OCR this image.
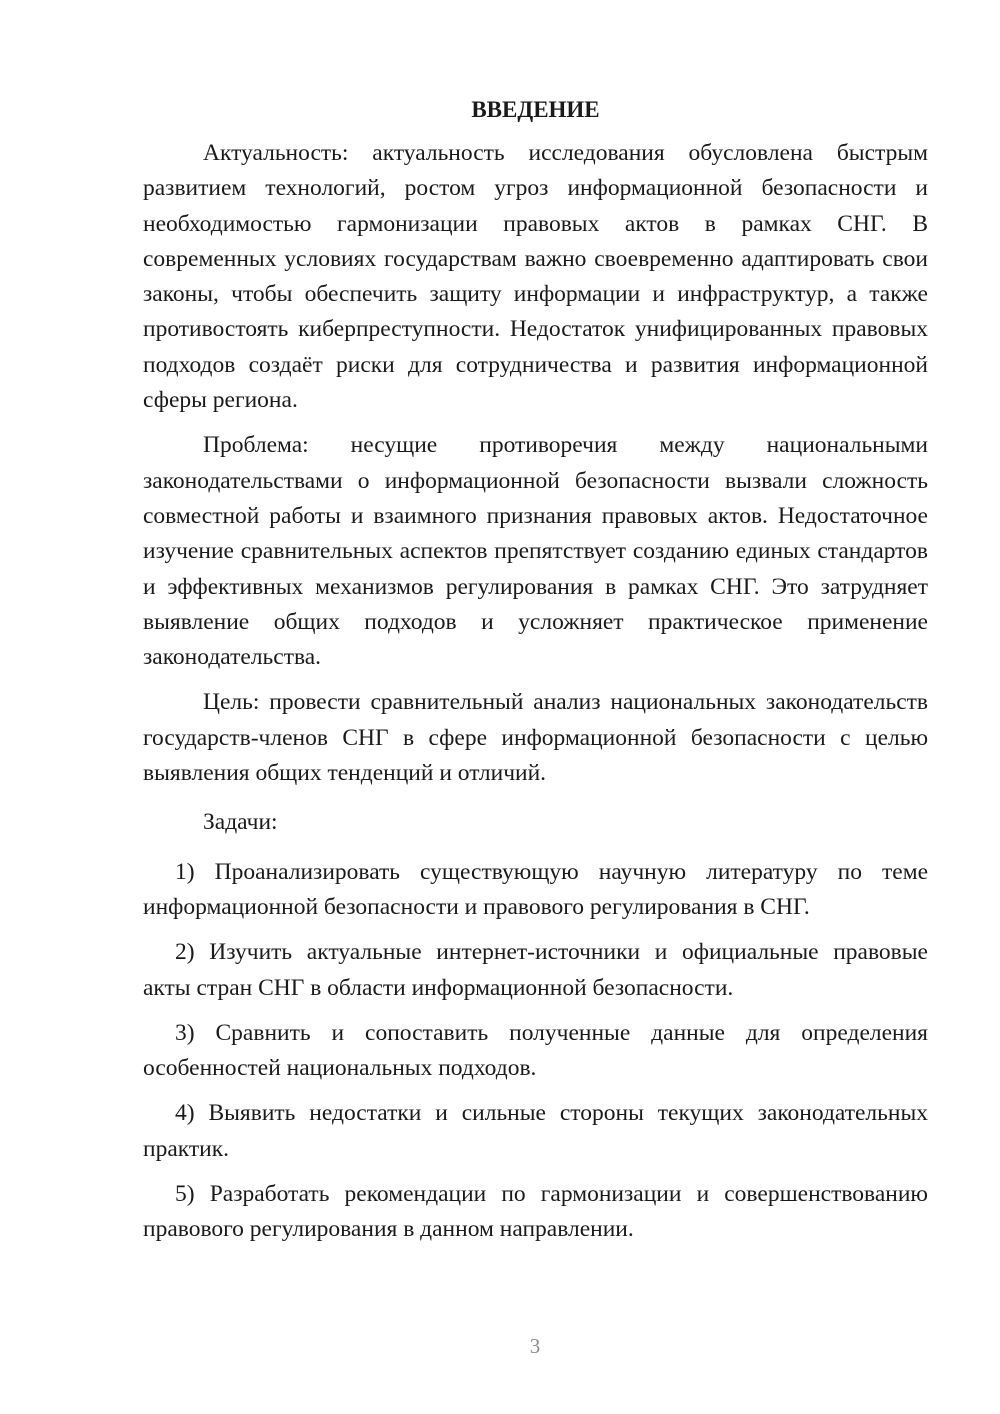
ВВЕДЕНИЕ

Актуальность: актуальность исследования обусловлена быстрым развитием технологий, ростом угроз информационной безопасности и необходимостью гармонизации правовых актов в рамках СНГ. В современных условиях государствам важно своевременно адаптировать свои законы, чтобы обеспечить защиту информации и инфраструктур, а также противостоять киберпреступности. Недостаток унифицированных правовых подходов создаёт риски для сотрудничества и развития информационной сферы региона.

Проблема: несущие противоречия между национальными законодательствами о информационной безопасности вызвали сложность совместной работы и взаимного признания правовых актов. Недостаточное изучение сравнительных аспектов препятствует созданию единых стандартов и эффективных механизмов регулирования в рамках СНГ. Это затрудняет выявление общих подходов и усложняет практическое применение законодательства.

Цель: провести сравнительный анализ национальных законодательств государств-членов СНГ в сфере информационной безопасности с целью выявления общих тенденций и отличий.

Задачи:

1) Проанализировать существующую научную литературу по теме информационной безопасности и правового регулирования в СНГ.

2) Изучить актуальные интернет-источники и официальные правовые акты стран СНГ в области информационной безопасности.

3) Сравнить и сопоставить полученные данные для определения особенностей национальных подходов.

4) Выявить недостатки и сильные стороны текущих законодательных практик.

5) Разработать рекомендации по гармонизации и совершенствованию правового регулирования в данном направлении.

3
